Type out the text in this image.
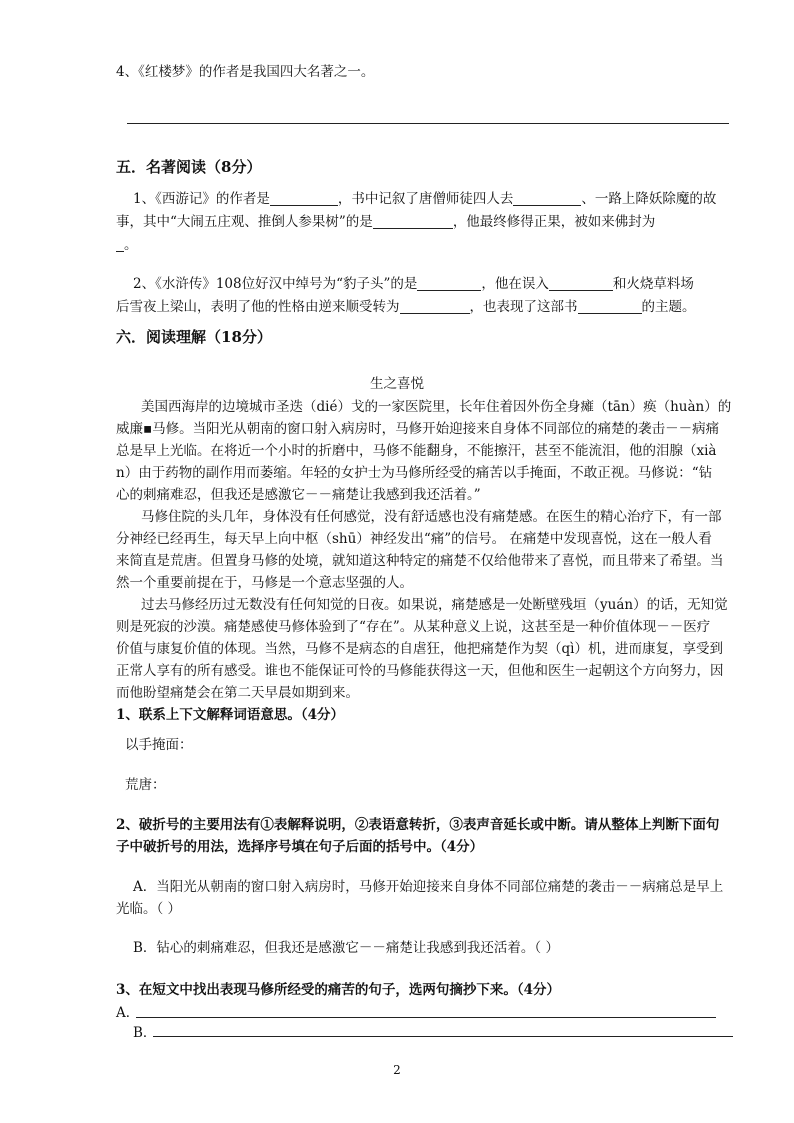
4、《红楼梦》的作者是我国四大名著之一。
五．名著阅读（8分）
1、《西游记》的作者是	，书中记叙了唐僧师徒四人去	、一路上降妖除魔的故
事，其中“大闹五庄观、推倒人参果树”的是	，他最终修得正果，被如来佛封为
。
2、《水浒传》108位好汉中绰号为“豹子头”的是	，他在误入	和火烧草料场
后雪夜上梁山，表明了他的性格由逆来顺受转为	，也表现了这部书	的主题。
六．阅读理解（18分）
生之喜悦
美国西海岸的边境城市圣迭（dié）戈的一家医院里，长年住着因外伤全身瘫（tān）痪（huàn）的
威廉▪马修。当阳光从朝南的窗口射入病房时，马修开始迎接来自身体不同部位的痛楚的袭击－－病痛
总是早上光临。在将近一个小时的折磨中，马修不能翻身，不能擦汗，甚至不能流泪，他的泪腺（xià
n）由于药物的副作用而萎缩。年轻的女护士为马修所经受的痛苦以手掩面，不敢正视。马修说：“钻
心的刺痛难忍，但我还是感激它－－痛楚让我感到我还活着。”
马修住院的头几年，身体没有任何感觉，没有舒适感也没有痛楚感。在医生的精心治疗下，有一部
分神经已经再生，每天早上向中枢（shū）神经发出“痛”的信号。 在痛楚中发现喜悦，这在一般人看
来简直是荒唐。但置身马修的处境，就知道这种特定的痛楚不仅给他带来了喜悦，而且带来了希望。当
然一个重要前提在于，马修是一个意志坚强的人。
过去马修经历过无数没有任何知觉的日夜。如果说，痛楚感是一处断壁残垣（yuán）的话，无知觉
则是死寂的沙漠。痛楚感使马修体验到了“存在”。从某种意义上说，这甚至是一种价值体现－－医疗
价值与康复价值的体现。当然，马修不是病态的自虐狂，他把痛楚作为契（qì）机，进而康复，享受到
正常人享有的所有感受。谁也不能保证可怜的马修能获得这一天，但他和医生一起朝这个方向努力，因
而他盼望痛楚会在第二天早晨如期到来。
1、联系上下文解释词语意思。（4分）
以手掩面：
荒唐：
2、破折号的主要用法有①表解释说明，②表语意转折，③表声音延长或中断。请从整体上判断下面句
子中破折号的用法，选择序号填在句子后面的括号中。（4分）
A．当阳光从朝南的窗口射入病房时，马修开始迎接来自身体不同部位痛楚的袭击－－病痛总是早上
光临。（ ）
B．钻心的刺痛难忍，但我还是感激它－－痛楚让我感到我还活着。（ ）
3、在短文中找出表现马修所经受的痛苦的句子，选两句摘抄下来。（4分）
A．
B．
2
